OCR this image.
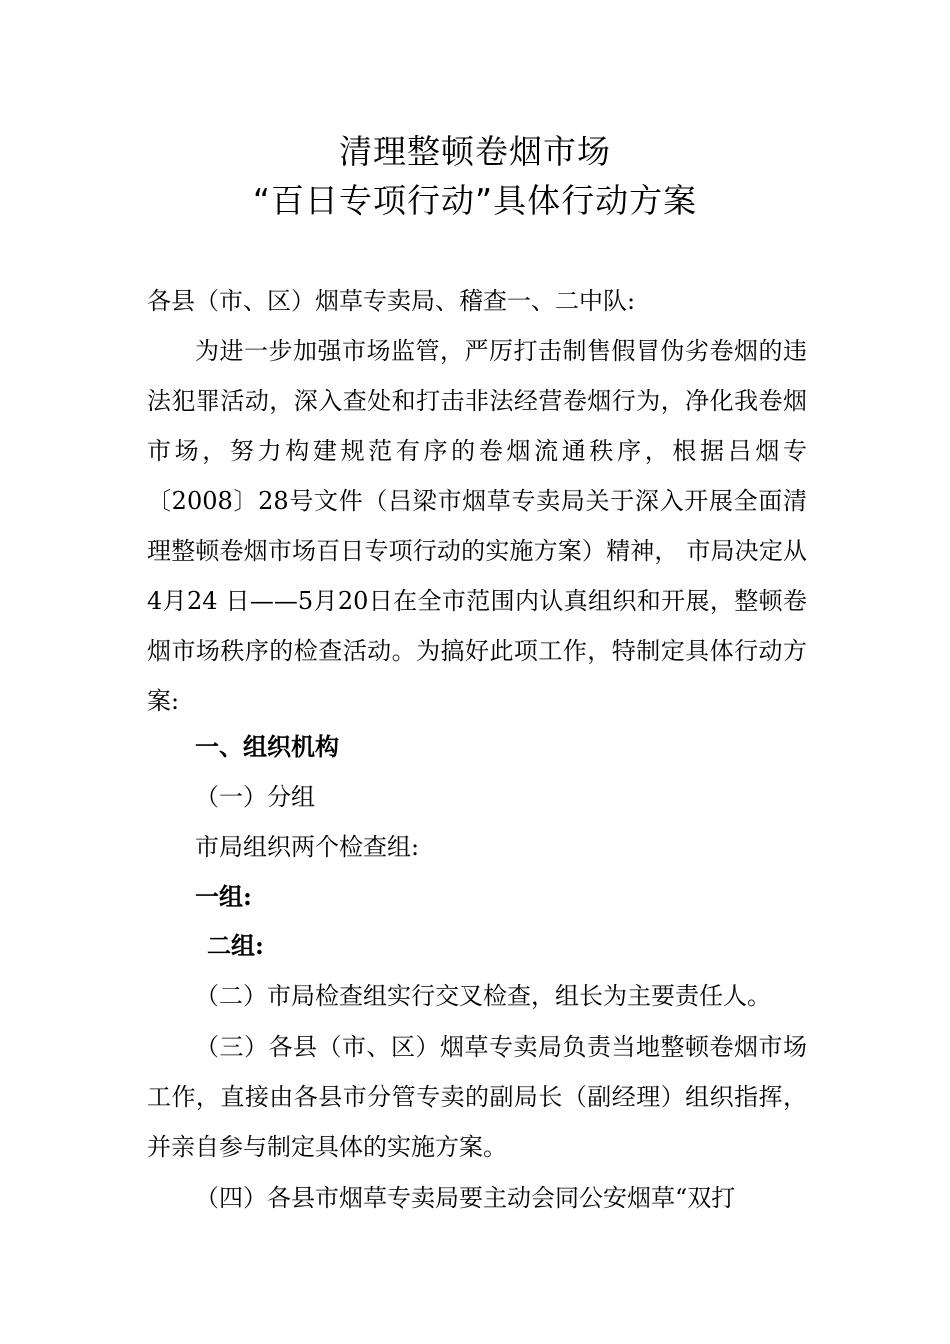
清理整顿卷烟市场
“百日专项行动”具体行动方案
各县（市、区）烟草专卖局、稽查一、二中队:
为进一步加强市场监管，严厉打击制售假冒伪劣卷烟的违法犯罪活动，深入查处和打击非法经营卷烟行为，净化我卷烟市场，努力构建规范有序的卷烟流通秩序，根据吕烟专〔2008〕28号文件（吕梁市烟草专卖局关于深入开展全面清理整顿卷烟市场百日专项行动的实施方案）精神， 市局决定从4月24 日——5月20日在全市范围内认真组织和开展，整顿卷烟市场秩序的检查活动。为搞好此项工作，特制定具体行动方案:
一、组织机构
（一）分组
市局组织两个检查组:
一组:
二组:
（二）市局检查组实行交叉检查，组长为主要责任人。
（三）各县（市、区）烟草专卖局负责当地整顿卷烟市场工作，直接由各县市分管专卖的副局长（副经理）组织指挥，并亲自参与制定具体的实施方案。
（四）各县市烟草专卖局要主动会同公安烟草“双打
